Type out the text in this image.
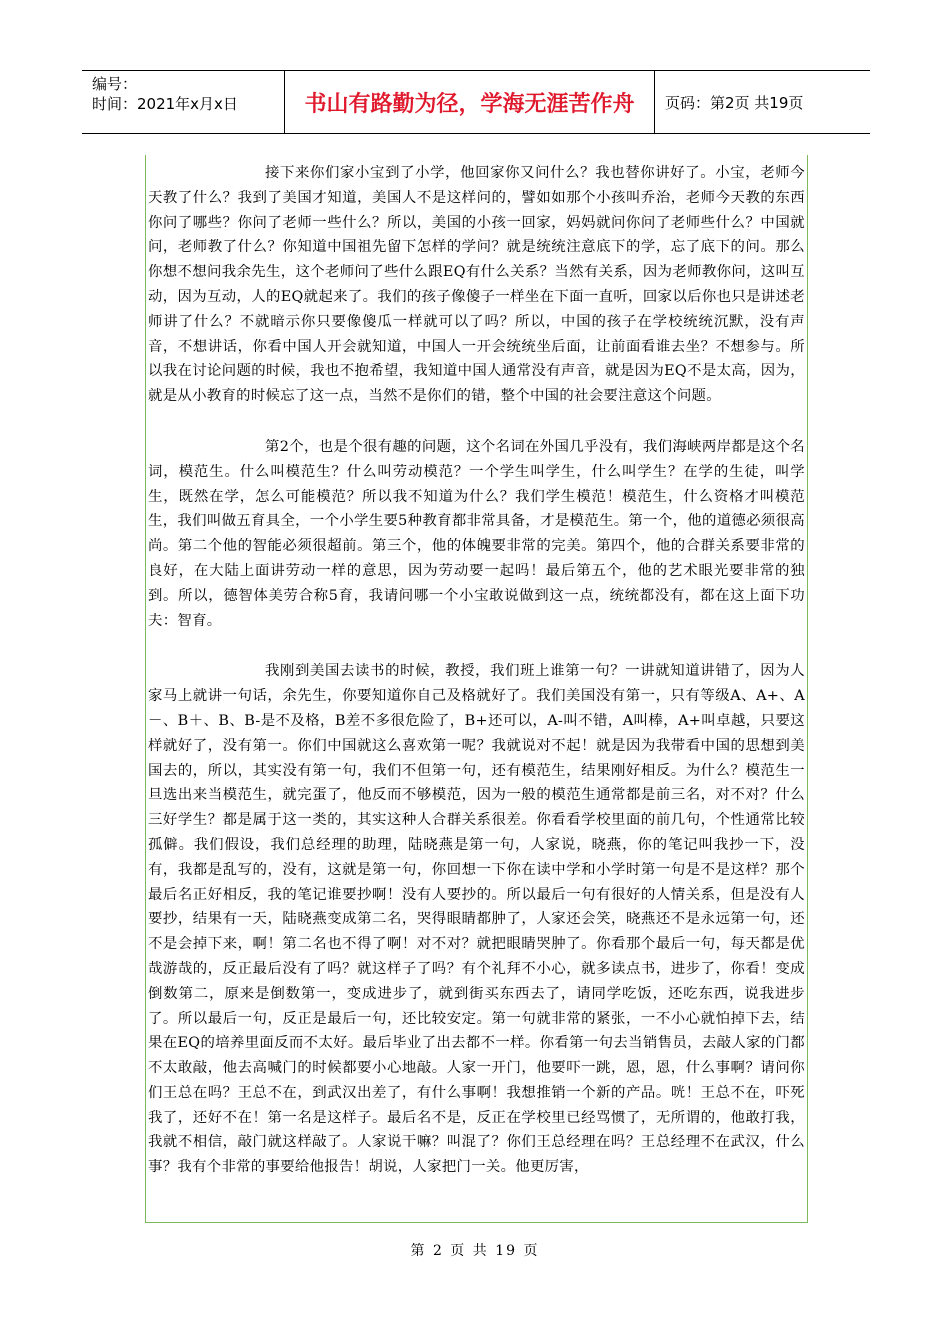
编号：
时间：2021年x月x日	书山有路勤为径，学海无涯苦作舟	页码：第2页 共19页

接下来你们家小宝到了小学，他回家你又问什么？我也替你讲好了。小宝，老师今天教了什么？我到了美国才知道，美国人不是这样问的，譬如如那个小孩叫乔治，老师今天教的东西你问了哪些？你问了老师一些什么？所以，美国的小孩一回家，妈妈就问你问了老师些什么？中国就问，老师教了什么？你知道中国祖先留下怎样的学问？就是统统注意底下的学，忘了底下的问。那么你想不想问我余先生，这个老师问了些什么跟EQ有什么关系？当然有关系，因为老师教你问，这叫互动，因为互动，人的EQ就起来了。我们的孩子像傻子一样坐在下面一直听，回家以后你也只是讲述老师讲了什么？不就暗示你只要像傻瓜一样就可以了吗？所以，中国的孩子在学校统统沉默，没有声音，不想讲话，你看中国人开会就知道，中国人一开会统统坐后面，让前面看谁去坐？不想参与。所以我在讨论问题的时候，我也不抱希望，我知道中国人通常没有声音，就是因为EQ不是太高，因为，就是从小教育的时候忘了这一点，当然不是你们的错，整个中国的社会要注意这个问题。

第2个，也是个很有趣的问题，这个名词在外国几乎没有，我们海峡两岸都是这个名词，模范生。什么叫模范生？什么叫劳动模范？一个学生叫学生，什么叫学生？在学的生徒，叫学生，既然在学，怎么可能模范？所以我不知道为什么？我们学生模范！模范生，什么资格才叫模范生，我们叫做五育具全，一个小学生要5种教育都非常具备，才是模范生。第一个，他的道德必须很高尚。第二个他的智能必须很超前。第三个，他的体魄要非常的完美。第四个，他的合群关系要非常的良好，在大陆上面讲劳动一样的意思，因为劳动要一起吗！最后第五个，他的艺术眼光要非常的独到。所以，德智体美劳合称5育，我请问哪一个小宝敢说做到这一点，统统都没有，都在这上面下功夫：智育。

我刚到美国去读书的时候，教授，我们班上谁第一句？一讲就知道讲错了，因为人家马上就讲一句话，余先生，你要知道你自己及格就好了。我们美国没有第一，只有等级A、A+、A－、B＋、B、B-是不及格，B差不多很危险了，B+还可以，A-叫不错，A叫棒，A+叫卓越，只要这样就好了，没有第一。你们中国就这么喜欢第一呢？我就说对不起！就是因为我带看中国的思想到美国去的，所以，其实没有第一句，我们不但第一句，还有模范生，结果刚好相反。为什么？模范生一旦选出来当模范生，就完蛋了，他反而不够模范，因为一般的模范生通常都是前三名，对不对？什么三好学生？都是属于这一类的，其实这种人合群关系很差。你看看学校里面的前几句，个性通常比较孤僻。我们假设，我们总经理的助理，陆晓燕是第一句，人家说，晓燕，你的笔记叫我抄一下，没有，我都是乱写的，没有，这就是第一句，你回想一下你在读中学和小学时第一句是不是这样？那个最后名正好相反，我的笔记谁要抄啊！没有人要抄的。所以最后一句有很好的人情关系，但是没有人要抄，结果有一天，陆晓燕变成第二名，哭得眼睛都肿了，人家还会笑，晓燕还不是永远第一句，还不是会掉下来，啊！第二名也不得了啊！对不对？就把眼睛哭肿了。你看那个最后一句，每天都是优哉游哉的，反正最后没有了吗？就这样子了吗？有个礼拜不小心，就多读点书，进步了，你看！变成倒数第二，原来是倒数第一，变成进步了，就到街买东西去了，请同学吃饭，还吃东西，说我进步了。所以最后一句，反正是最后一句，还比较安定。第一句就非常的紧张，一不小心就怕掉下去，结果在EQ的培养里面反而不太好。最后毕业了出去都不一样。你看第一句去当销售员，去敲人家的门都不太敢敲，他去高喊门的时候都要小心地敲。人家一开门，他要吓一跳，恩，恩，什么事啊？请问你们王总在吗？王总不在，到武汉出差了，有什么事啊！我想推销一个新的产品。咣！王总不在，吓死我了，还好不在！第一名是这样子。最后名不是，反正在学校里已经骂惯了，无所谓的，他敢打我，我就不相信，敲门就这样敲了。人家说干嘛？叫混了？你们王总经理在吗？王总经理不在武汉，什么事？我有个非常的事要给他报告！胡说，人家把门一关。他更厉害，

第 2 页 共 19 页
